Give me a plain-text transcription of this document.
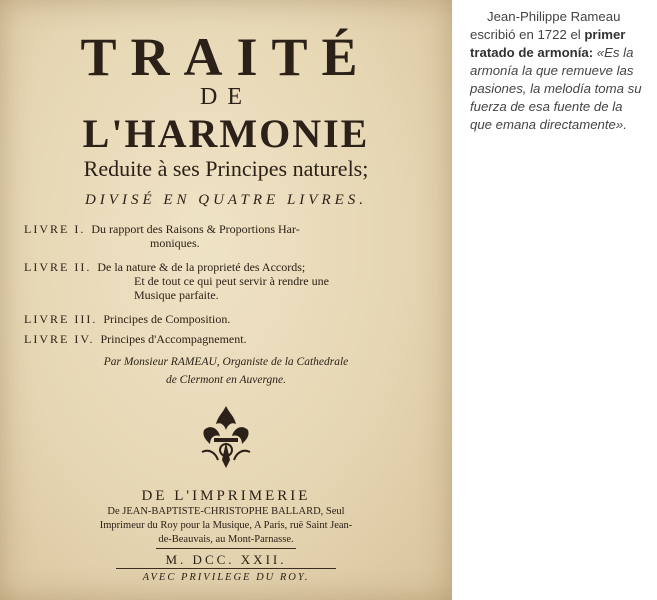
TRAITÉ
DE
L'HARMONIE
Reduite à ses Principes naturels;
DIVISÉ EN QUATRE LIVRES.
LIVRE I. Du rapport des Raisons & Proportions Har-
moniques.
LIVRE II. De la nature & de la proprieté des Accords;
Et de tout ce qui peut servir à rendre une
Musique parfaite.
LIVRE III. Principes de Composition.
LIVRE IV. Principes d'Accompagnement.
Par Monsieur RAMEAU, Organiste de la Cathedrale
de Clermont en Auvergne.
DE L'IMPRIMERIE
De JEAN-BAPTISTE-CHRISTOPHE BALLARD, Seul
Imprimeur du Roy pour la Musique, A Paris, ruë Saint Jean-
de-Beauvais, au Mont-Parnasse.
M. DCC. XXII.
AVEC PRIVILEGE DU ROY.
Jean-Philippe Rameau escribió en 1722 el primer tratado de armonía: «Es la armonía la que remueve las pasiones, la melodía toma su fuerza de esa fuente de la que emana directamente».
